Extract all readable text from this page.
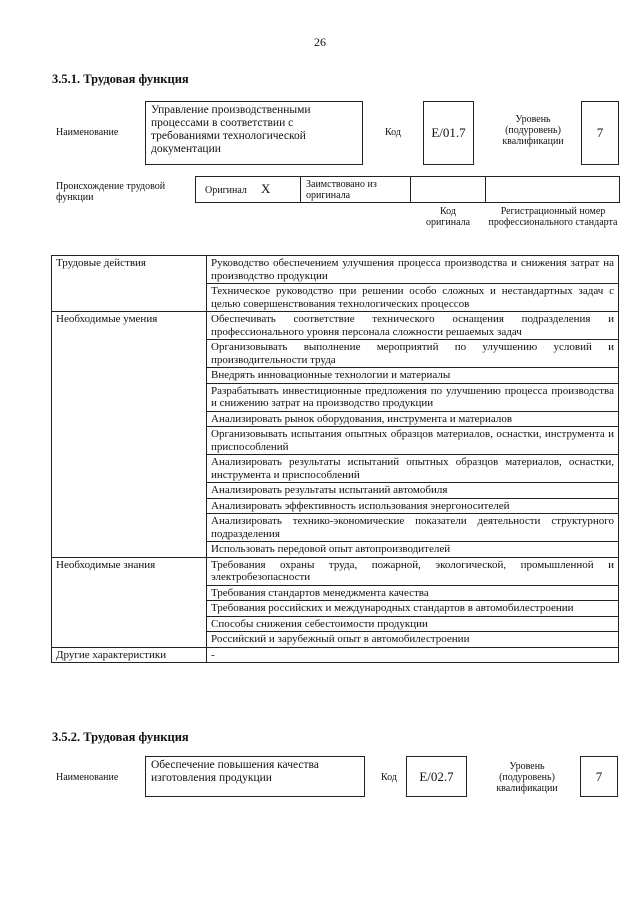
26
3.5.1. Трудовая функция
Наименование
Управление производственными процессами в соответствии с требованиями технологической документации
Код E/01.7
Уровень (подуровень) квалификации
7
Происхождение трудовой функции
Оригинал X	Заимствовано из оригинала
Код оригинала
Регистрационный номер профессионального стандарта
Трудовые действия	Руководство обеспечением улучшения процесса производства и снижения затрат на производство продукции
	Техническое руководство при решении особо сложных и нестандартных задач с целью совершенствования технологических процессов
Необходимые умения	Обеспечивать соответствие технического оснащения подразделения и профессионального уровня персонала сложности решаемых задач
	Организовывать выполнение мероприятий по улучшению условий и производительности труда
	Внедрять инновационные технологии и материалы
	Разрабатывать инвестиционные предложения по улучшению процесса производства и снижению затрат на производство продукции
	Анализировать рынок оборудования, инструмента и материалов
	Организовывать испытания опытных образцов материалов, оснастки, инструмента и приспособлений
	Анализировать результаты испытаний опытных образцов материалов, оснастки, инструмента и приспособлений
	Анализировать результаты испытаний автомобиля
	Анализировать эффективность использования энергоносителей
	Анализировать технико-экономические показатели деятельности структурного подразделения
	Использовать передовой опыт автопроизводителей
Необходимые знания	Требования охраны труда, пожарной, экологической, промышленной и электробезопасности
	Требования стандартов менеджмента качества
	Требования российских и международных стандартов в автомобилестроении
	Способы снижения себестоимости продукции
	Российский и зарубежный опыт в автомобилестроении
Другие характеристики	-
3.5.2. Трудовая функция
Наименование
Обеспечение повышения качества изготовления продукции	Код E/02.7
Уровень (подуровень) квалификации
7
